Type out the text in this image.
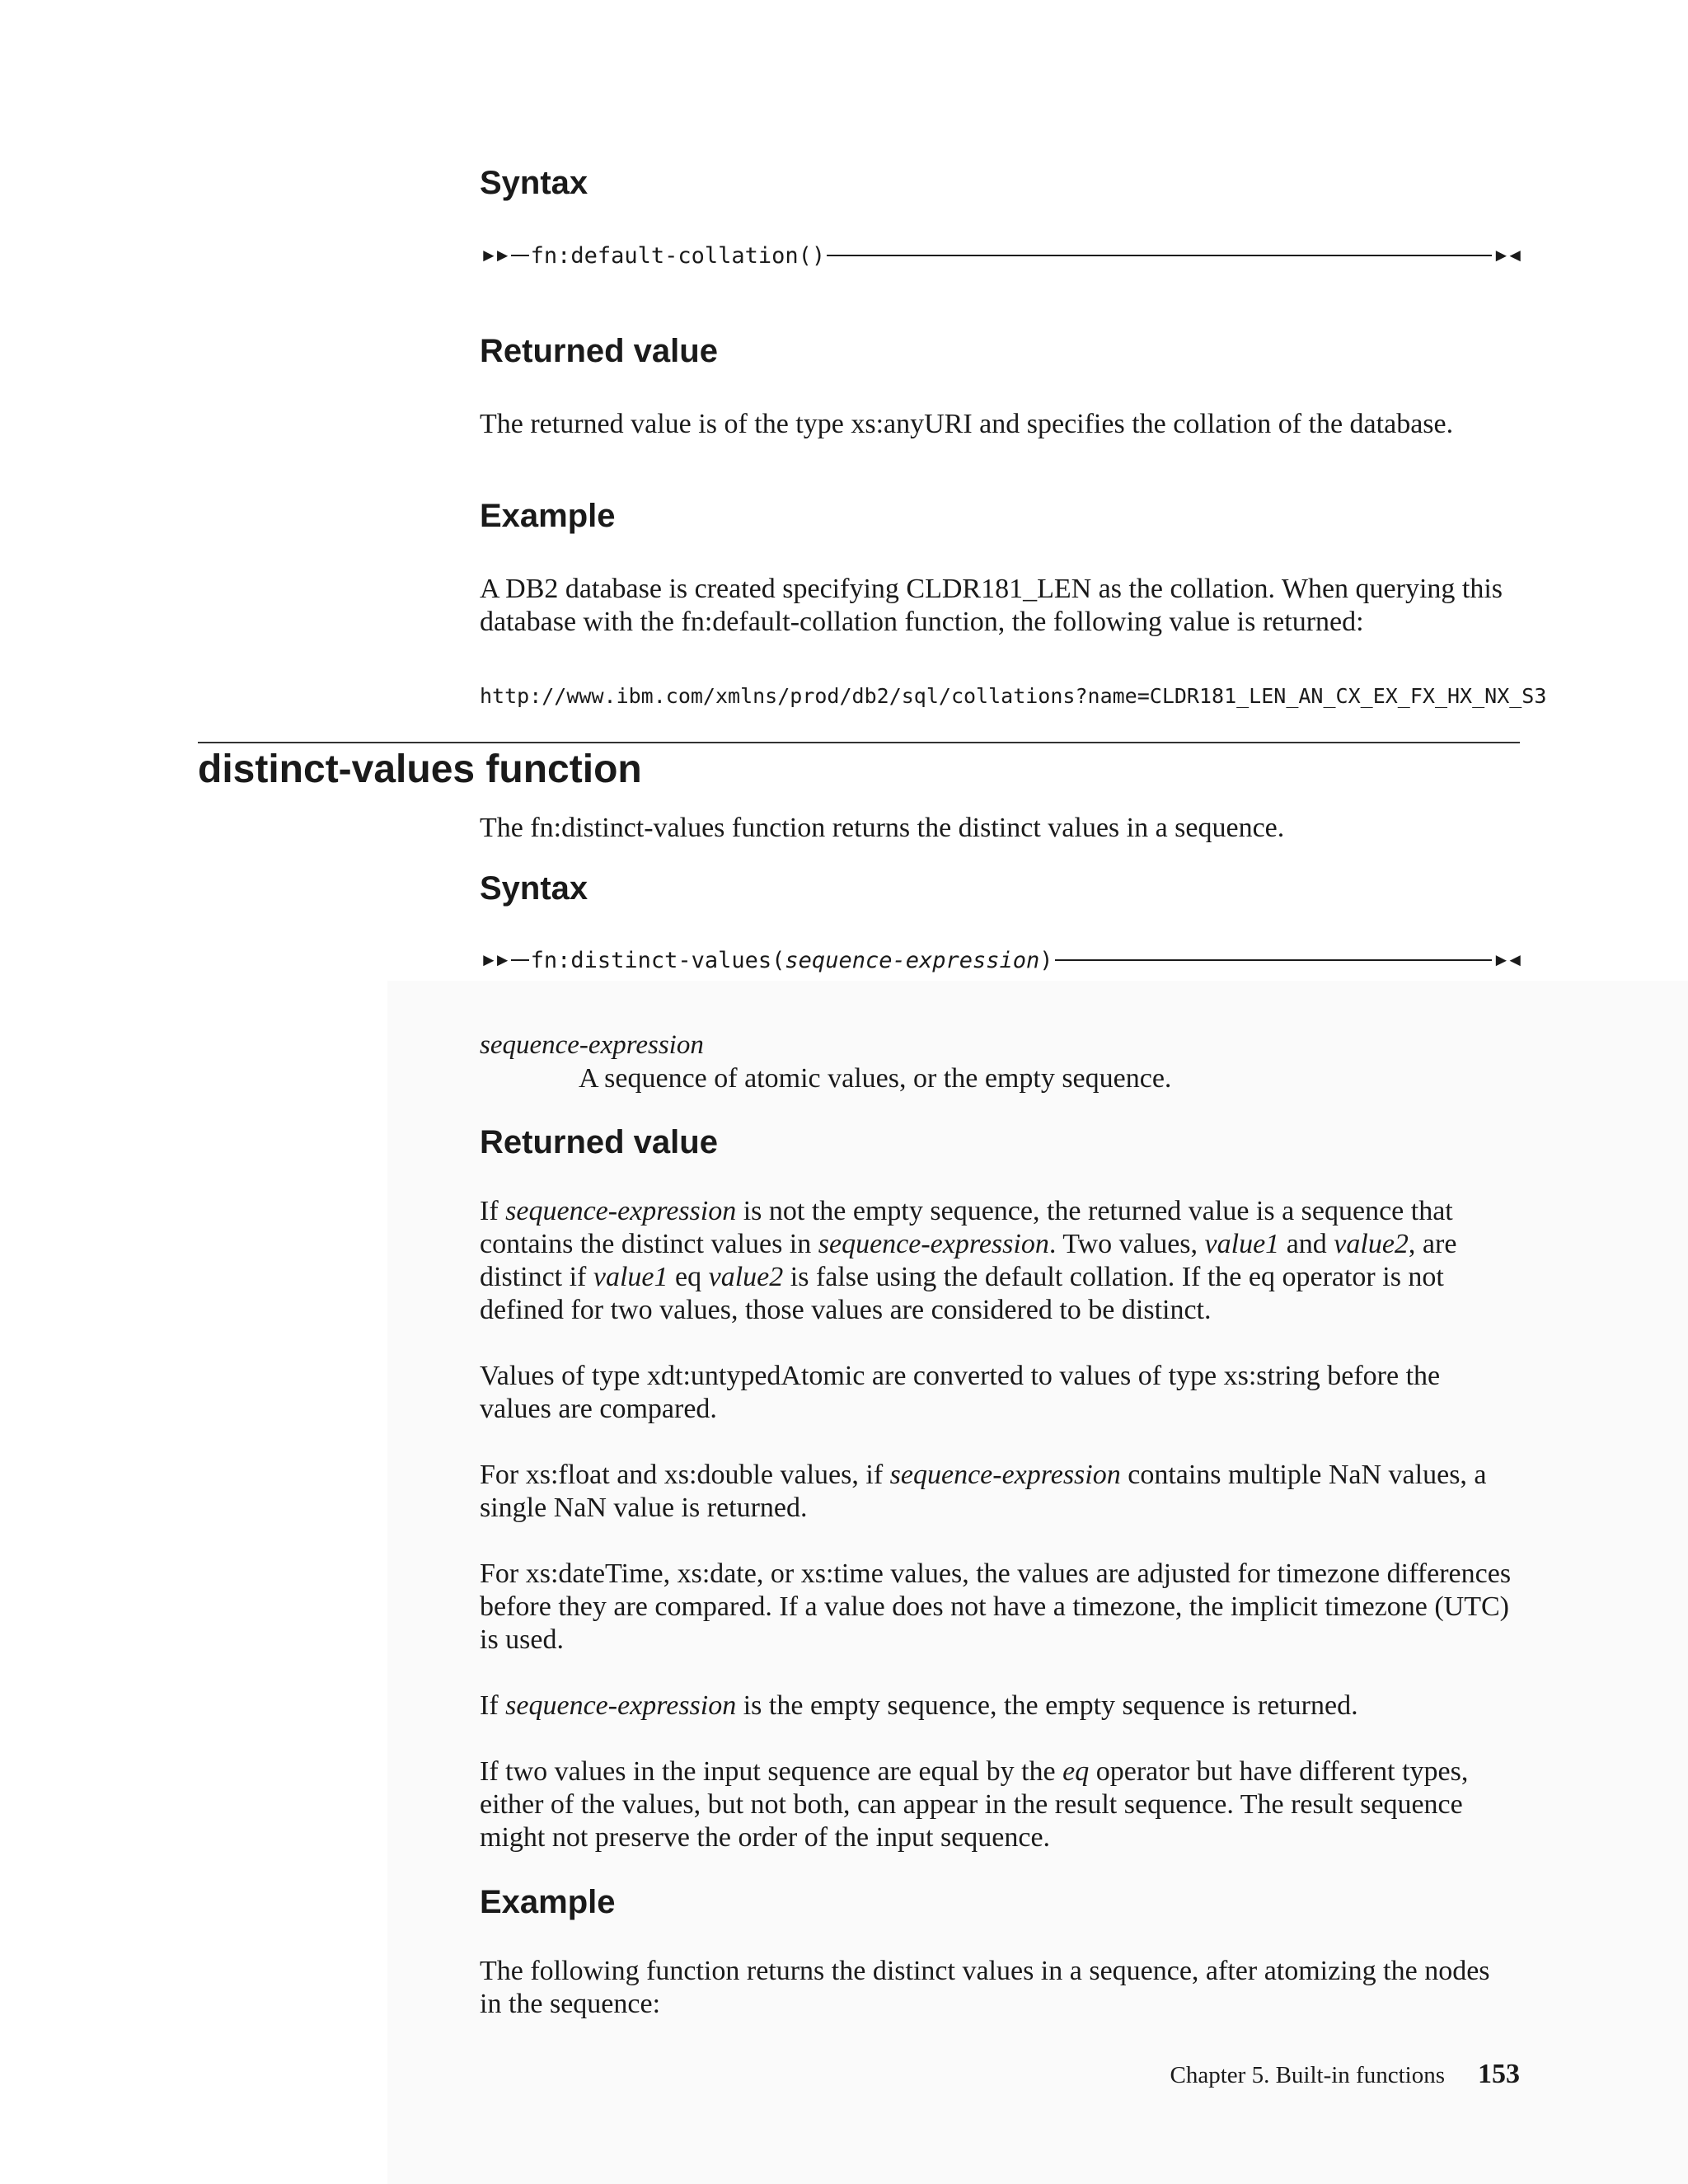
Syntax
►► fn:default-collation()	►◄
Returned value

The returned value is of the type xs:anyURI and specifies the collation of the database.

Example

A DB2 database is created specifying CLDR181_LEN as the collation. When querying this database with the fn:default-collation function, the following value is returned:

http://www.ibm.com/xmlns/prod/db2/sql/collations?name=CLDR181_LEN_AN_CX_EX_FX_HX_NX_S3
distinct-values function

The fn:distinct-values function returns the distinct values in a sequence.

Syntax
►► fn:distinct-values(sequence-expression)	►◄
sequence-expression
A sequence of atomic values, or the empty sequence.
Returned value

If sequence-expression is not the empty sequence, the returned value is a sequence that contains the distinct values in sequence-expression. Two values, value1 and value2, are distinct if value1 eq value2 is false using the default collation. If the eq operator is not defined for two values, those values are considered to be distinct.

Values of type xdt:untypedAtomic are converted to values of type xs:string before the values are compared.

For xs:float and xs:double values, if sequence-expression contains multiple NaN values, a single NaN value is returned.

For xs:dateTime, xs:date, or xs:time values, the values are adjusted for timezone differences before they are compared. If a value does not have a timezone, the implicit timezone (UTC) is used.

If sequence-expression is the empty sequence, the empty sequence is returned.

If two values in the input sequence are equal by the eq operator but have different types, either of the values, but not both, can appear in the result sequence. The result sequence might not preserve the order of the input sequence.

Example

The following function returns the distinct values in a sequence, after atomizing the nodes in the sequence:

Chapter 5. Built-in functions 153
